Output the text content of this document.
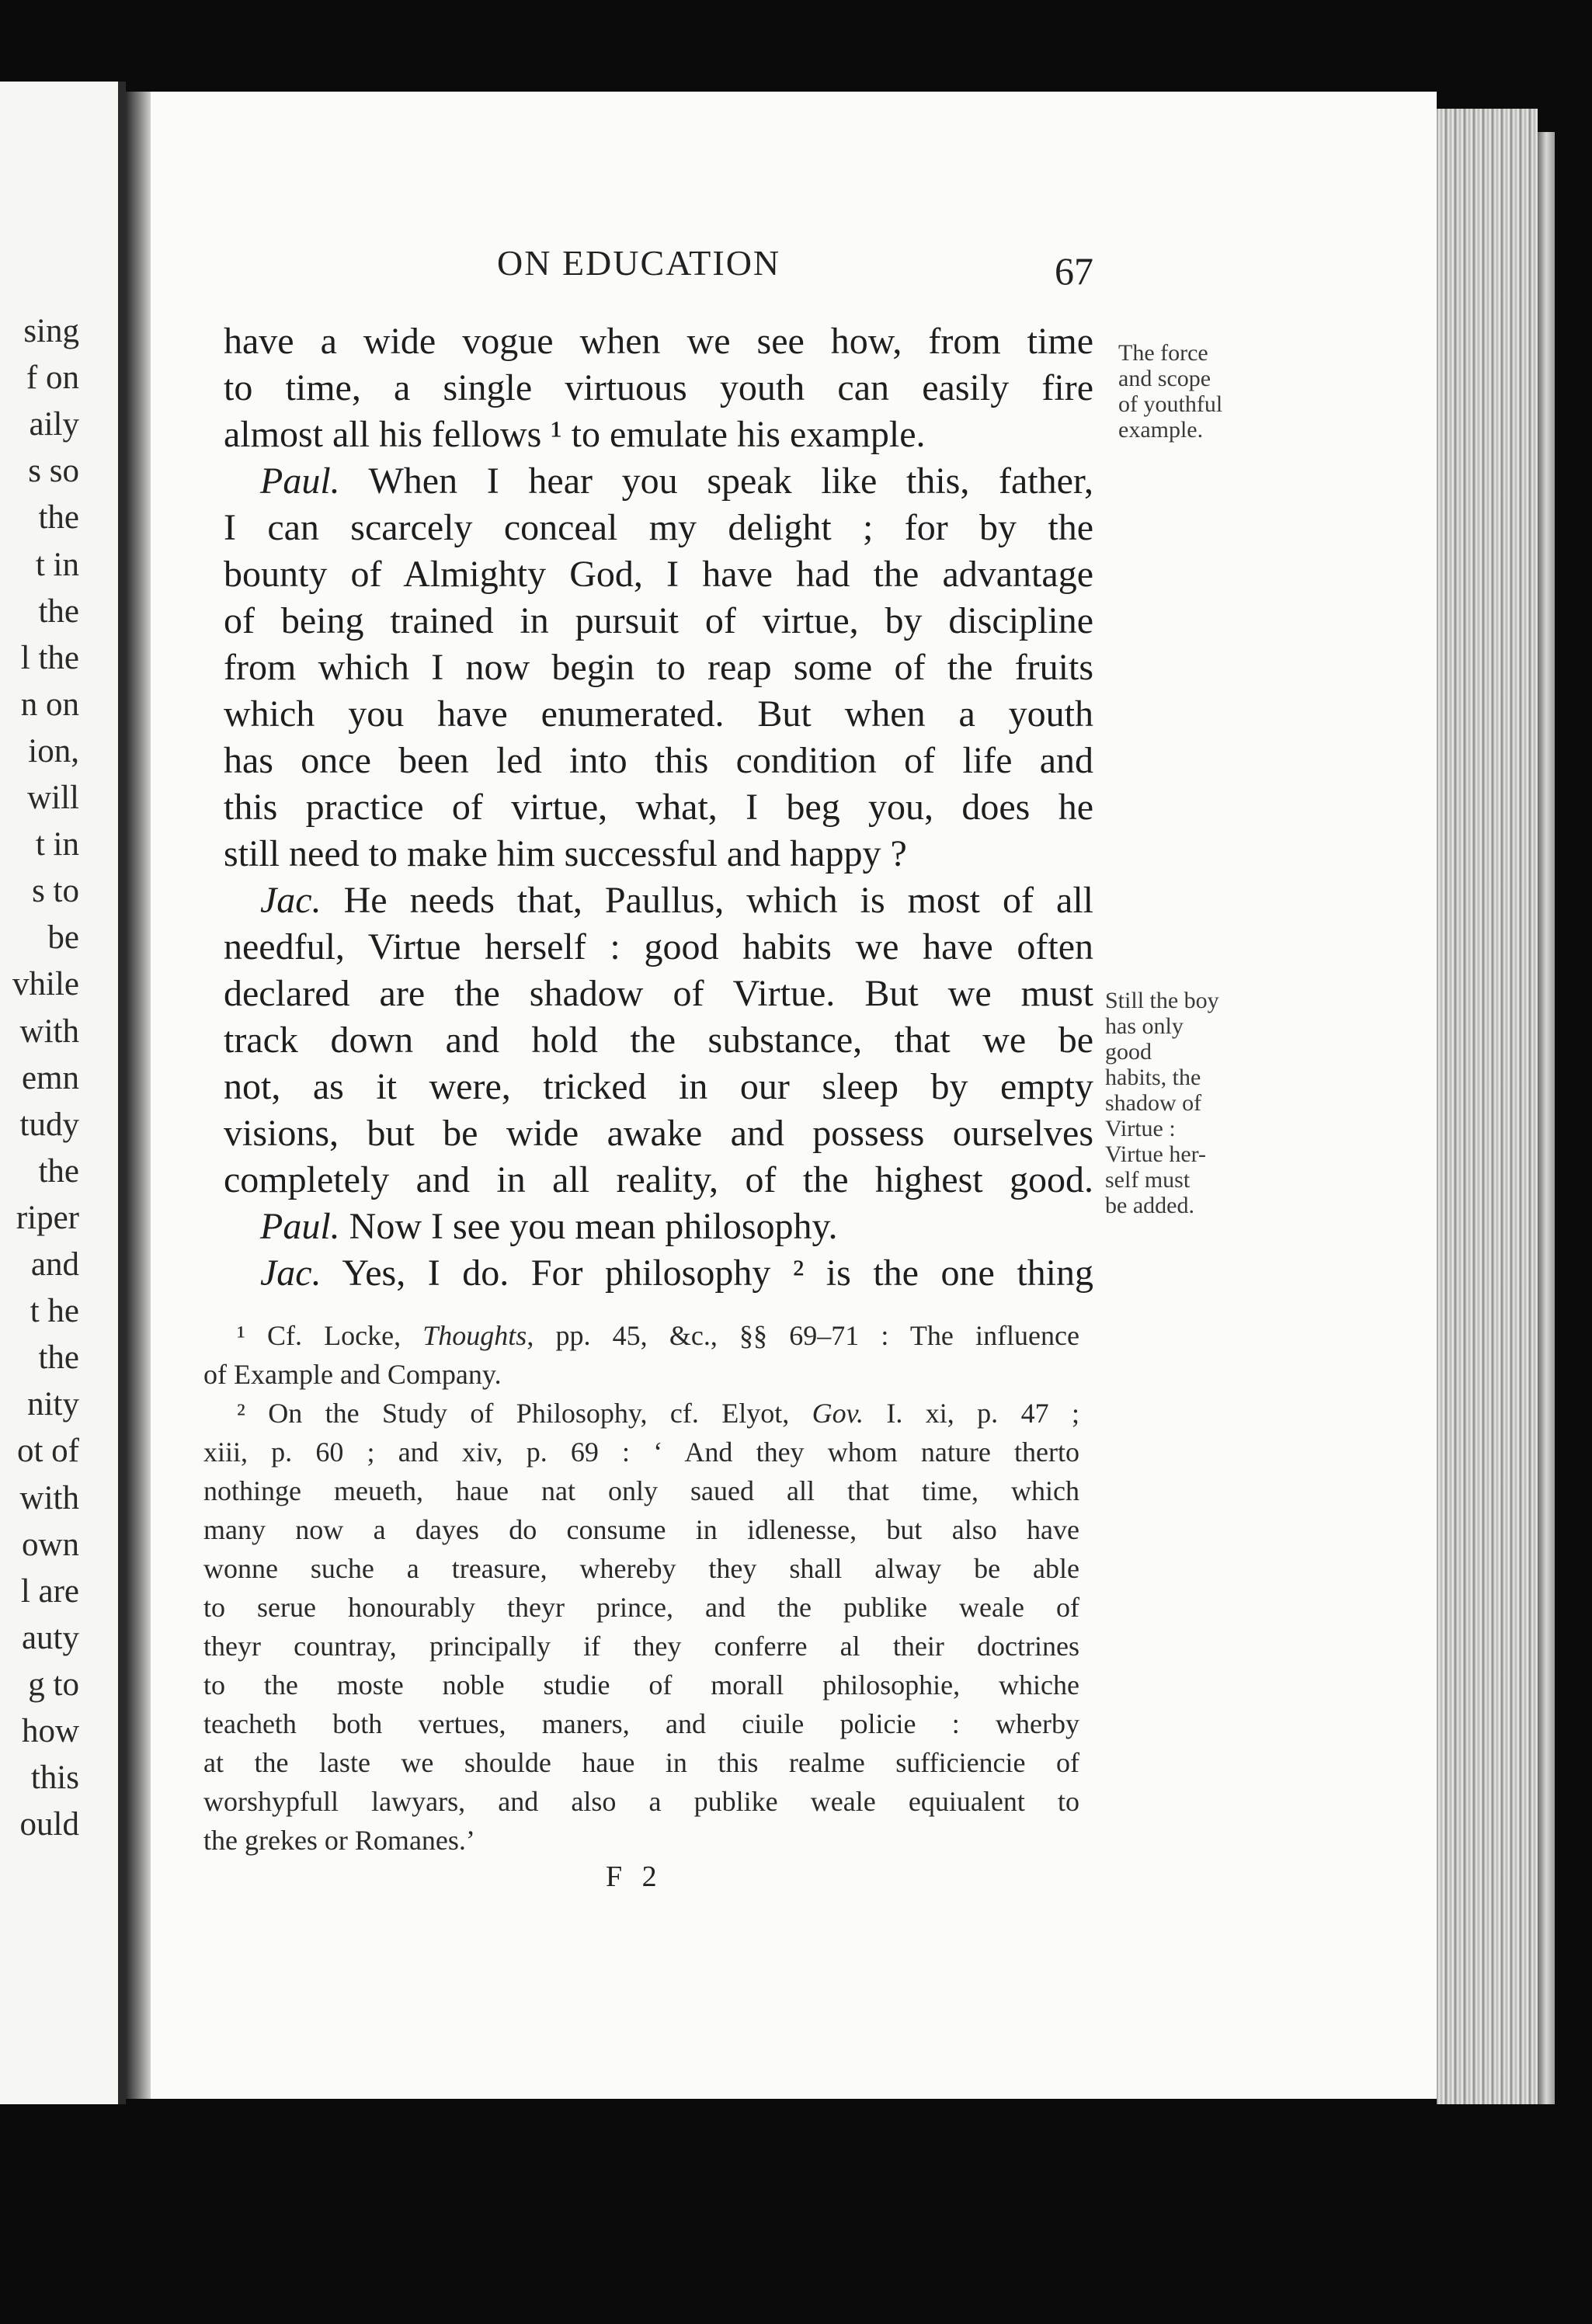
sing
f on
aily
s so
the
t in
the
l the
n on
ion,
will
t in
s to
be
vhile
with
emn
tudy
the
riper
and
t he
the
nity
ot of
with
own
l are
auty
g to
how
this
ould
ON EDUCATION	67
have a wide vogue when we see how, from time
to time, a single virtuous youth can easily fire
almost all his fellows ¹ to emulate his example.
Paul. When I hear you speak like this, father,
I can scarcely conceal my delight ; for by the
bounty of Almighty God, I have had the advantage
of being trained in pursuit of virtue, by discipline
from which I now begin to reap some of the fruits
which you have enumerated. But when a youth
has once been led into this condition of life and
this practice of virtue, what, I beg you, does he
still need to make him successful and happy ?
Jac. He needs that, Paullus, which is most of all
needful, Virtue herself : good habits we have often
declared are the shadow of Virtue. But we must
track down and hold the substance, that we be
not, as it were, tricked in our sleep by empty
visions, but be wide awake and possess ourselves
completely and in all reality, of the highest good.
Paul. Now I see you mean philosophy.
Jac. Yes, I do. For philosophy ² is the one thing
The force
and scope
of youthful
example.
Still the boy
has only
good
habits, the
shadow of
Virtue :
Virtue her-
self must
be added.
¹ Cf. Locke, Thoughts, pp. 45, &c., §§ 69–71 : The influence
of Example and Company.
² On the Study of Philosophy, cf. Elyot, Gov. I. xi, p. 47 ;
xiii, p. 60 ; and xiv, p. 69 : ‘ And they whom nature therto
nothinge meueth, haue nat only saued all that time, which
many now a dayes do consume in idlenesse, but also have
wonne suche a treasure, whereby they shall alway be able
to serue honourably theyr prince, and the publike weale of
theyr countray, principally if they conferre al their doctrines
to the moste noble studie of morall philosophie, whiche
teacheth both vertues, maners, and ciuile policie : wherby
at the laste we shoulde haue in this realme sufficiencie of
worshypfull lawyars, and also a publike weale equiualent to
the grekes or Romanes.’
F 2
